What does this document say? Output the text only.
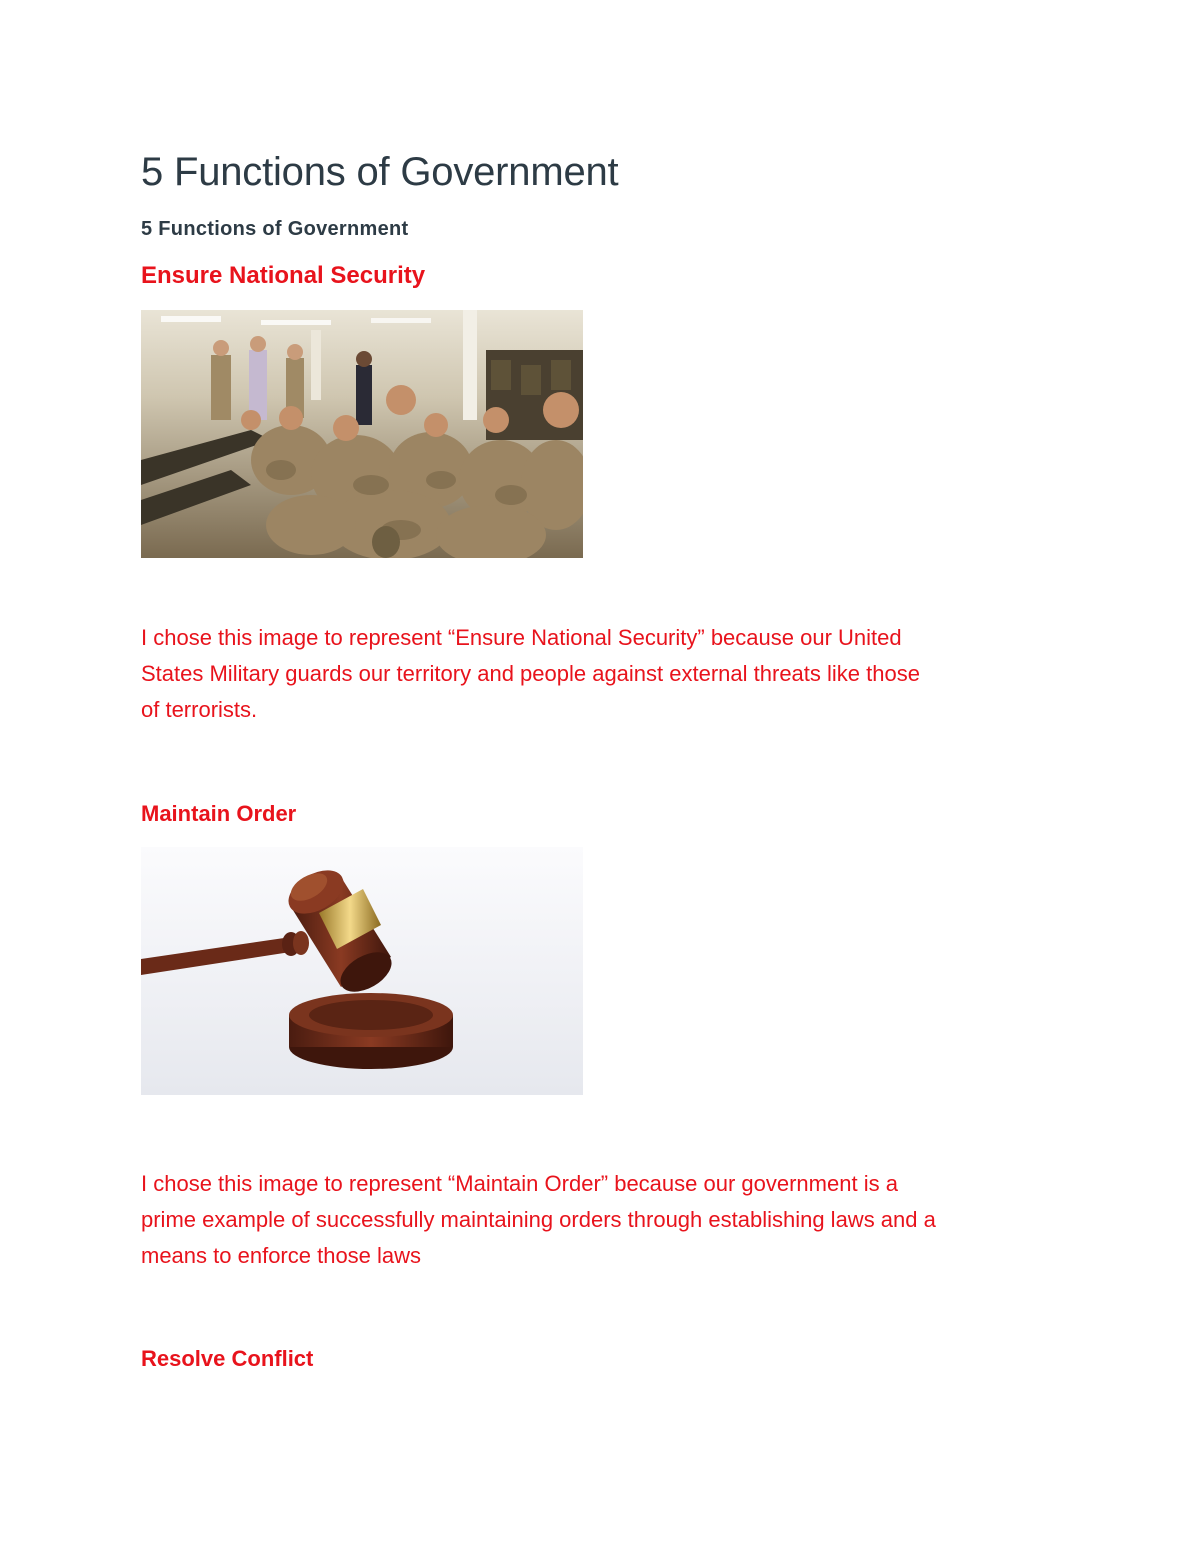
5 Functions of Government
5 Functions of Government
Ensure National Security
I chose this image to represent “Ensure National Security” because our United
States Military guards our territory and people against external threats like those
of terrorists.
Maintain Order
I chose this image to represent “Maintain Order” because our government is a
prime example of successfully maintaining orders through establishing laws and a
means to enforce those laws
Resolve Conflict
